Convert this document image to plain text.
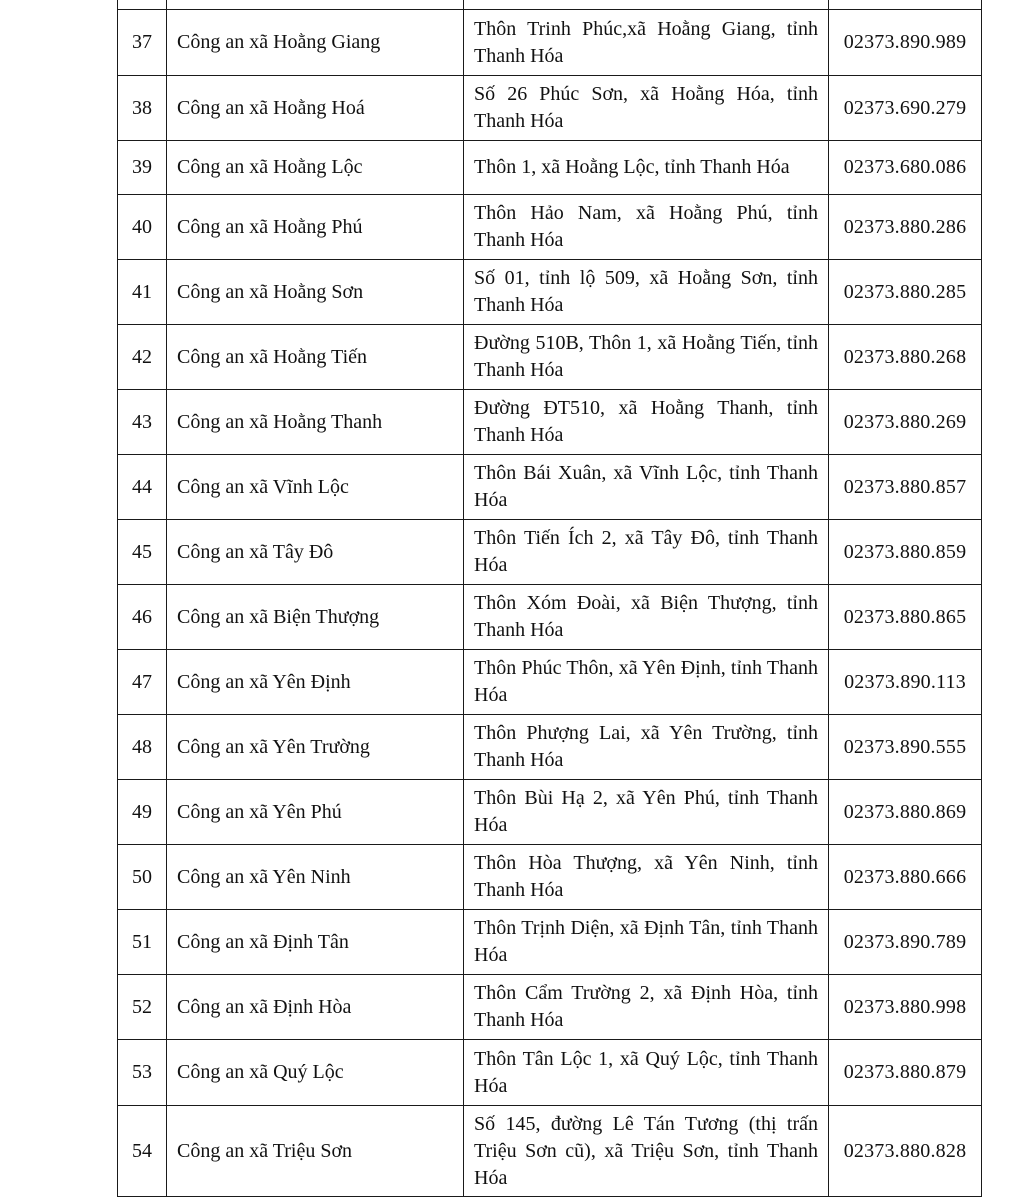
37	Công an xã Hoằng Giang	Thôn Trinh Phúc,xã Hoằng Giang, tỉnh Thanh Hóa	02373.890.989
38	Công an xã Hoằng Hoá	Số 26 Phúc Sơn, xã Hoằng Hóa, tỉnh Thanh Hóa	02373.690.279
39	Công an xã Hoằng Lộc	Thôn 1, xã Hoằng Lộc, tỉnh Thanh Hóa	02373.680.086
40	Công an xã Hoằng Phú	Thôn Hảo Nam, xã Hoằng Phú, tỉnh Thanh Hóa	02373.880.286
41	Công an xã Hoằng Sơn	Số 01, tỉnh lộ 509, xã Hoằng Sơn, tỉnh Thanh Hóa	02373.880.285
42	Công an xã Hoằng Tiến	Đường 510B, Thôn 1, xã Hoằng Tiến, tỉnh Thanh Hóa	02373.880.268
43	Công an xã Hoằng Thanh	Đường ĐT510, xã Hoằng Thanh, tỉnh Thanh Hóa	02373.880.269
44	Công an xã Vĩnh Lộc	Thôn Bái Xuân, xã Vĩnh Lộc, tỉnh Thanh Hóa	02373.880.857
45	Công an xã Tây Đô	Thôn Tiến Ích 2, xã Tây Đô, tỉnh Thanh Hóa	02373.880.859
46	Công an xã Biện Thượng	Thôn Xóm Đoài, xã Biện Thượng, tỉnh Thanh Hóa	02373.880.865
47	Công an xã Yên Định	Thôn Phúc Thôn, xã Yên Định, tỉnh Thanh Hóa	02373.890.113
48	Công an xã Yên Trường	Thôn Phượng Lai, xã Yên Trường, tỉnh Thanh Hóa	02373.890.555
49	Công an xã Yên Phú	Thôn Bùi Hạ 2, xã Yên Phú, tỉnh Thanh Hóa	02373.880.869
50	Công an xã Yên Ninh	Thôn Hòa Thượng, xã Yên Ninh, tỉnh Thanh Hóa	02373.880.666
51	Công an xã Định Tân	Thôn Trịnh Diện, xã Định Tân, tỉnh Thanh Hóa	02373.890.789
52	Công an xã Định Hòa	Thôn Cẩm Trường 2, xã Định Hòa, tỉnh Thanh Hóa	02373.880.998
53	Công an xã Quý Lộc	Thôn Tân Lộc 1, xã Quý Lộc, tỉnh Thanh Hóa	02373.880.879
54	Công an xã Triệu Sơn	Số 145, đường Lê Tán Tương (thị trấn Triệu Sơn cũ), xã Triệu Sơn, tỉnh Thanh Hóa	02373.880.828
